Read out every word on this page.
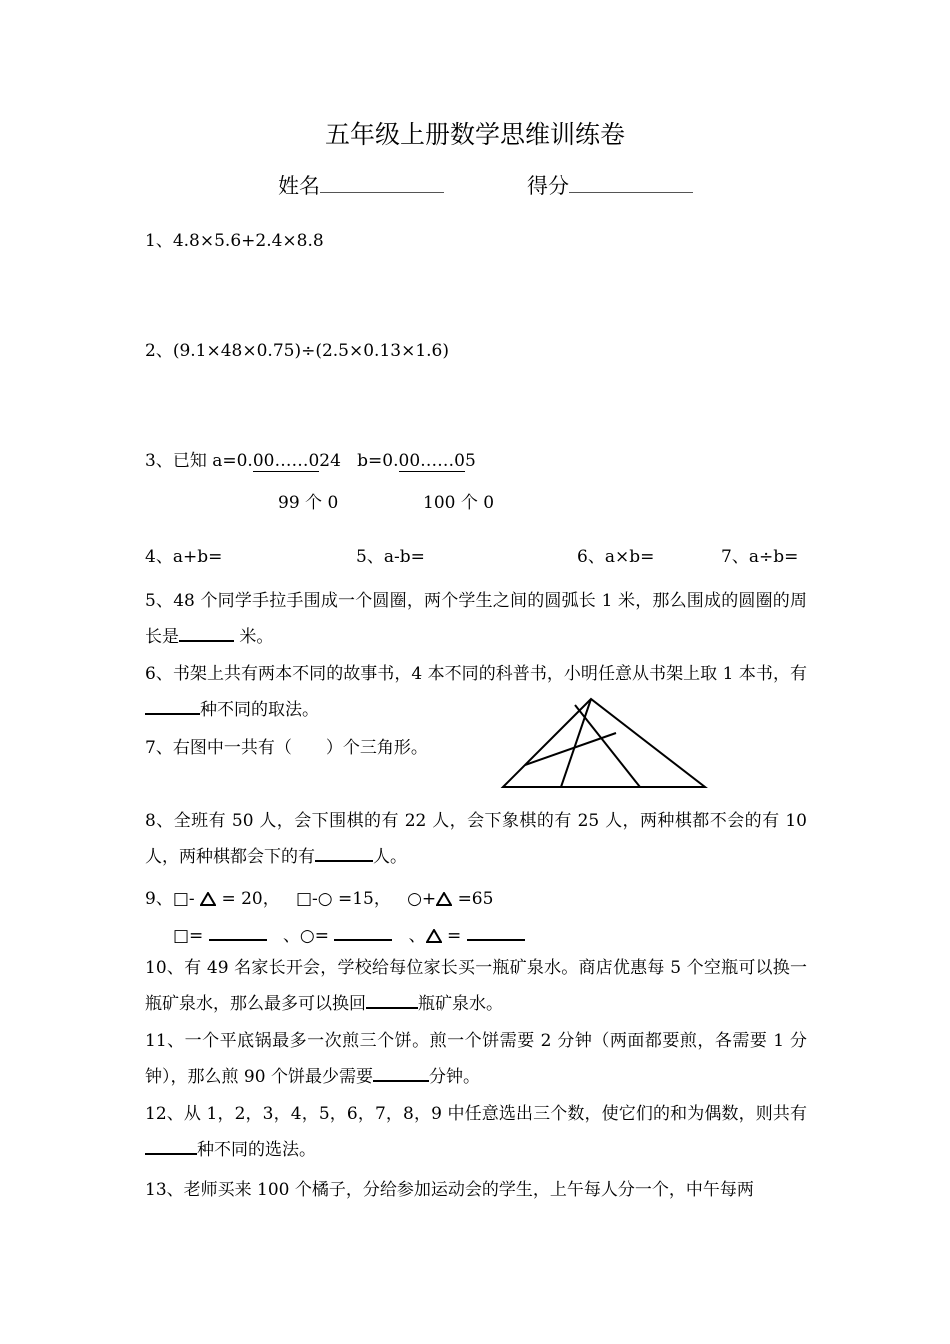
五年级上册数学思维训练卷
姓名	得分
1、4.8×5.6+2.4×8.8
2、(9.1×48×0.75)÷(2.5×0.13×1.6)
3、已知 a=0.00……024 b=0.00……05
99 个 0	100 个 0
4、a+b=	5、a-b=	6、a×b=	7、a÷b=
5、48 个同学手拉手围成一个圆圈，两个学生之间的圆弧长 1 米，那么围成的圆圈的周长是	米。
6、书架上共有两本不同的故事书，4 本不同的科普书，小明任意从书架上取 1 本书，有种不同的取法。
7、右图中一共有（　　）个三角形。
8、全班有 50 人，会下围棋的有 22 人，会下象棋的有 25 人，两种棋都不会的有 10 人，两种棋都会下的有	人。
9、□- = 20， □-○ =15， ○+ =65
□=	、○=	、 =
10、有 49 名家长开会，学校给每位家长买一瓶矿泉水。商店优惠每 5 个空瓶可以换一瓶矿泉水，那么最多可以换回	瓶矿泉水。
11、一个平底锅最多一次煎三个饼。煎一个饼需要 2 分钟（两面都要煎，各需要 1 分钟），那么煎 90 个饼最少需要	分钟。
12、从 1，2，3，4，5，6，7，8，9 中任意选出三个数，使它们的和为偶数，则共有种不同的选法。
13、老师买来 100 个橘子，分给参加运动会的学生，上午每人分一个，中午每两
